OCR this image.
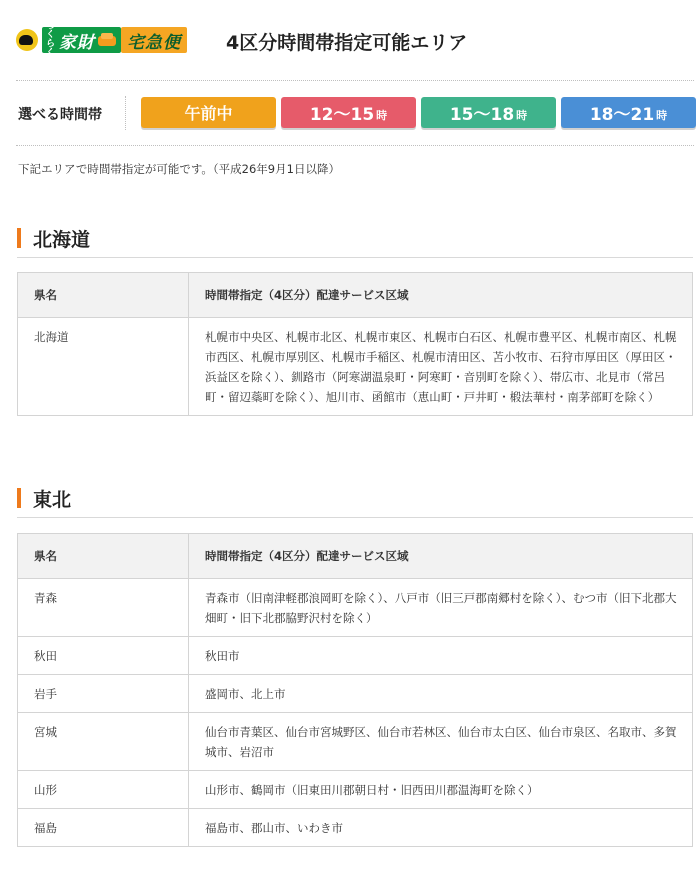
らくらく
家財	宅急便	4区分時間帯指定可能エリア
選べる時間帯	午前中	12～15 時	15～18 時	18～21 時

下記エリアで時間帯指定が可能です。（平成26年9月1日以降）

北海道
県名	時間帯指定（4区分）配達サービス区域
北海道	札幌市中央区、札幌市北区、札幌市東区、札幌市白石区、札幌市豊平区、札幌市南区、札幌市西区、札幌市厚別区、札幌市手稲区、札幌市清田区、苫小牧市、石狩市厚田区（厚田区・浜益区を除く）、釧路市（阿寒湖温泉町・阿寒町・音別町を除く）、帯広市、北見市（常呂町・留辺蘂町を除く）、旭川市、函館市（恵山町・戸井町・椴法華村・南茅部町を除く）
東北
県名	時間帯指定（4区分）配達サービス区域
青森	青森市（旧南津軽郡浪岡町を除く）、八戸市（旧三戸郡南郷村を除く）、むつ市（旧下北郡大畑町・旧下北郡脇野沢村を除く）
秋田	秋田市
岩手	盛岡市、北上市
宮城	仙台市青葉区、仙台市宮城野区、仙台市若林区、仙台市太白区、仙台市泉区、名取市、多賀城市、岩沼市
山形	山形市、鶴岡市（旧東田川郡朝日村・旧西田川郡温海町を除く）
福島	福島市、郡山市、いわき市
